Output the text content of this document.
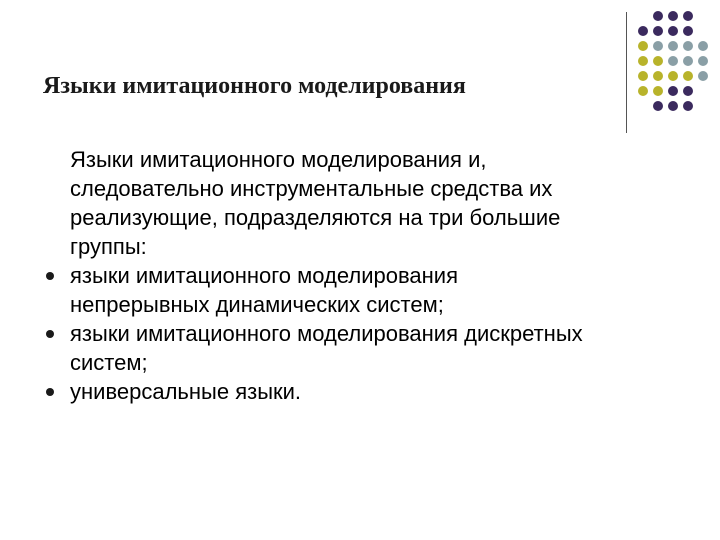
Языки имитационного моделирования
Языки имитационного моделирования и,
следовательно инструментальные средства их
реализующие, подразделяются на три большие
группы:
языки имитационного моделирования
непрерывных динамических систем;
языки имитационного моделирования дискретных
систем;
универсальные языки.
